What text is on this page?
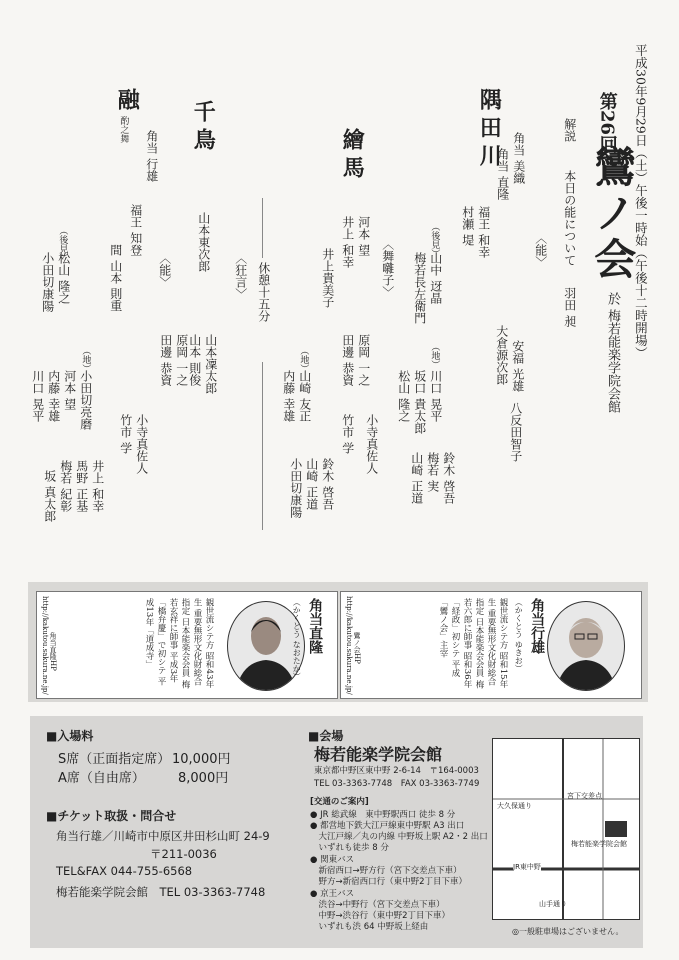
平成30年9月29日（土）午後一時始（午後十二時開場）
第26回
鸞ノ会
於 梅若能楽学院会館
解説
本日の能について
羽田 昶
〈能〉
隅田川 角当 美織
角当 直隆
福王 和幸
村瀬 堤
（後見）
山中 迓晶
梅若長左衛門
安福 光雄
大倉源次郎
八反田智子
（地）
川口 晃平
坂口 貴太郎
松山 隆之
鈴木 啓吾
梅若 実
山崎 正道
繪馬
〈舞囃子〉
河本 望
井上 和幸
井上貴美子
原岡 一之
田邊 恭資
小寺真佐人
竹市 学
（地）
山崎 友正
内藤 幸雄
鈴木 啓吾
山崎 正道
小田切康陽
休憩十五分
千鳥
〈狂言〉
山本東次郎
山本凜太郎
山本 則俊
融
酌之舞
〈能〉
角当 行雄
福王 知登
間 山本 則重
（後見）
松山 隆之
小田切康陽
原岡 一之
田邊 恭資
小寺真佐人
竹市 学
（地）
小田切亮磨
河本 望
内藤 幸雄
川口 晃平
井上 和幸
馬野 正基
梅若 紀彰
坂 真太郎
角当直隆
（かくとう なおたか）
観世流シテ方 昭和43年生 重要無形文化財総合指定 日本能楽会会員 梅若玄祥に師事 平成3年「橋弁慶」で初シテ 平成13年「道成寺」
http://kakutou.sakura.ne.jp/ 角当直隆HP	角当行雄
（かくとう ゆきお）
観世流シテ方 昭和15年生 重要無形文化財総合指定 日本能楽会会員 梅若六郎に師事 昭和36年「経政」初シテ 平成「鸞ノ会」主宰
http://kakutou.sakura.ne.jp/ 鸞ノ会HP
■入場料
S席（正面指定席） 10,000円
A席（自由席）	8,000円
■チケット取扱・問合せ
角当行雄／川崎市中原区井田杉山町 24-9
〒211-0036
TEL&FAX 044-755-6568
梅若能楽学院会館　TEL 03-3363-7748
■会場
梅若能楽学院会館
東京都中野区東中野 2-6-14　〒164-0003
TEL 03-3363-7748　FAX 03-3363-7749
[交通のご案内]
● JR 総武線　東中野駅西口 徒歩 8 分
● 都営地下鉄大江戸線東中野駅 A3 出口
　大江戸線／丸の内線 中野坂上駅 A2・2 出口
　いずれも徒歩 8 分
● 関東バス
　新宿西口→野方行（宮下交差点下車）
　野方→新宿西口行（東中野2丁目下車）
● 京王バス
　渋谷→中野行（宮下交差点下車）
　中野→渋谷行（東中野2丁目下車）
　いずれも渋 64 中野坂上経由
JR東中野
宮下交差点
梅若能楽学院会館
山手通り
大久保通り
◎一般駐車場はございません。
